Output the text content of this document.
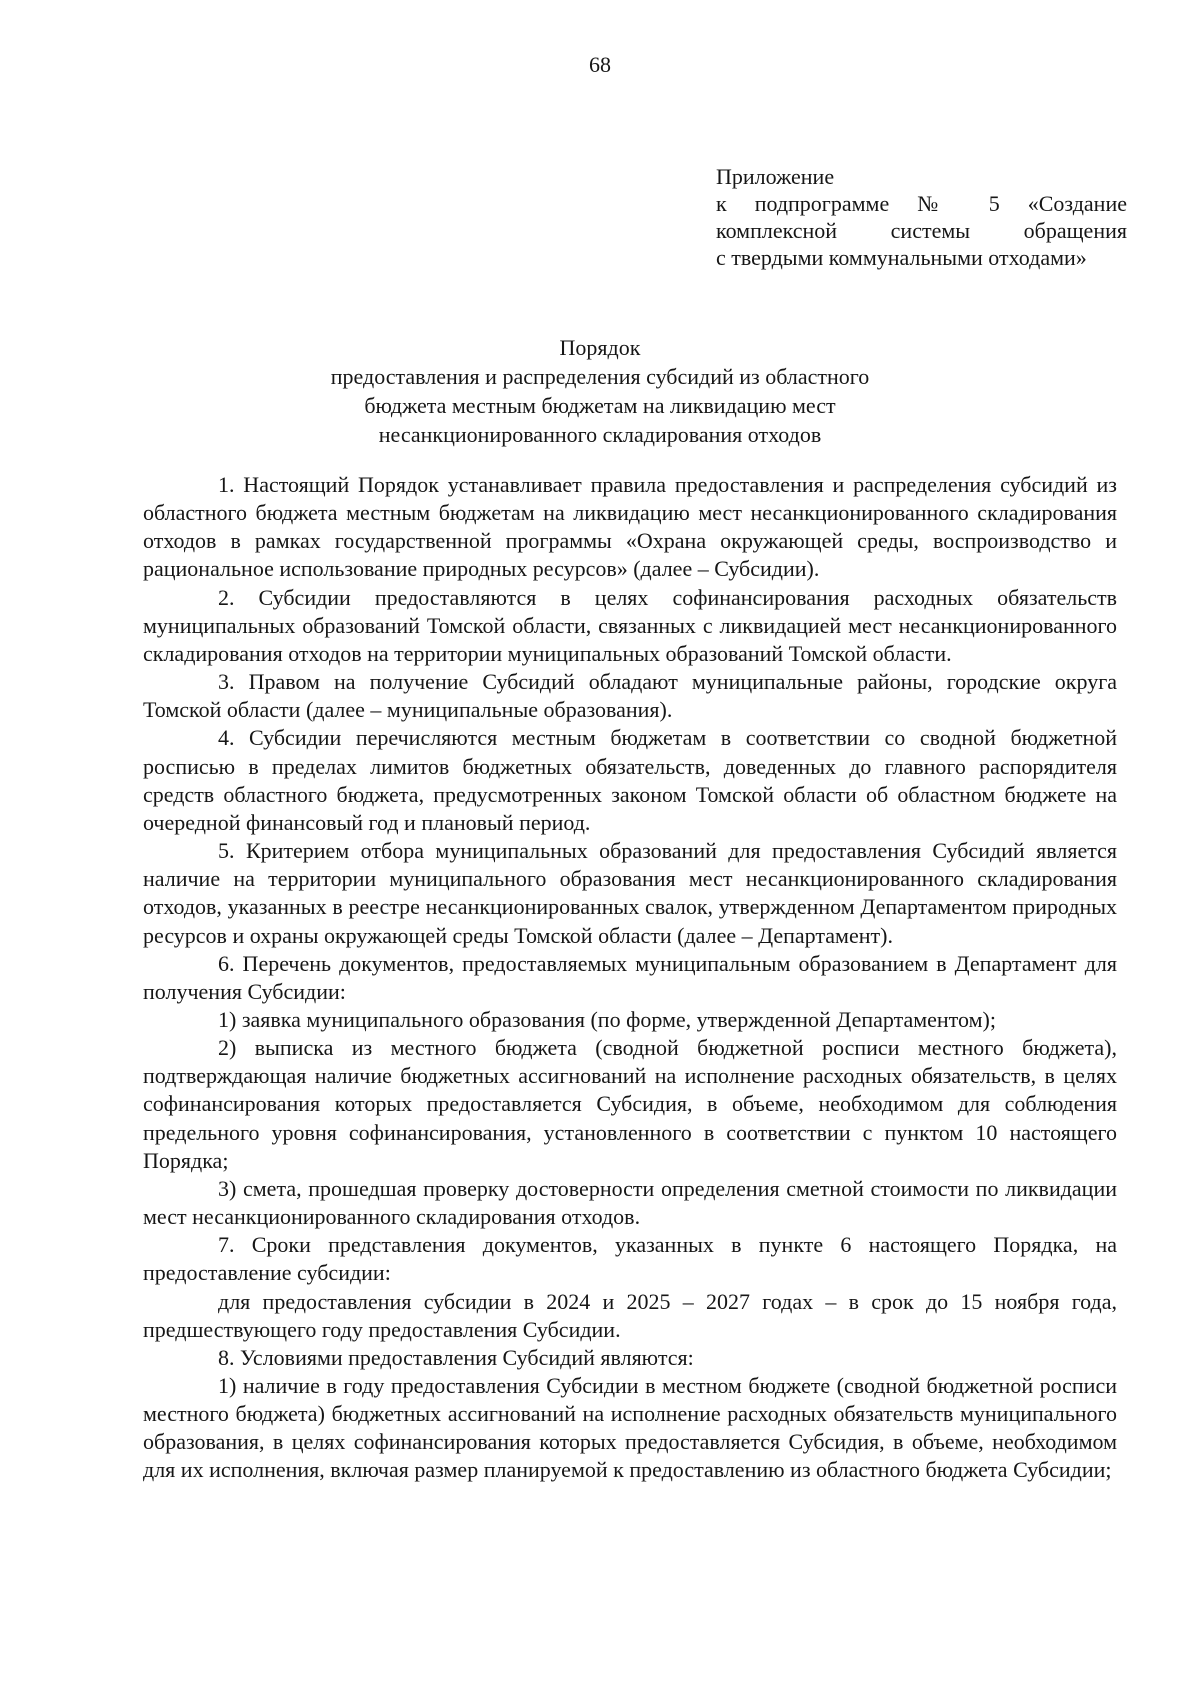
68
Приложение
к подпрограмме № 5 «Создание
комплексной системы обращения
с твердыми коммунальными отходами»
Порядок
предоставления и распределения субсидий из областного
бюджета местным бюджетам на ликвидацию мест
несанкционированного складирования отходов

1. Настоящий Порядок устанавливает правила предоставления и распределения субсидий из областного бюджета местным бюджетам на ликвидацию мест несанкционированного складирования отходов в рамках государственной программы «Охрана окружающей среды, воспроизводство и рациональное использование природных ресурсов» (далее – Субсидии).

2. Субсидии предоставляются в целях софинансирования расходных обязательств муниципальных образований Томской области, связанных с ликвидацией мест несанкционированного складирования отходов на территории муниципальных образований Томской области.

3. Правом на получение Субсидий обладают муниципальные районы, городские округа Томской области (далее – муниципальные образования).

4. Субсидии перечисляются местным бюджетам в соответствии со сводной бюджетной росписью в пределах лимитов бюджетных обязательств, доведенных до главного распорядителя средств областного бюджета, предусмотренных законом Томской области об областном бюджете на очередной финансовый год и плановый период.

5. Критерием отбора муниципальных образований для предоставления Субсидий является наличие на территории муниципального образования мест несанкционированного складирования отходов, указанных в реестре несанкционированных свалок, утвержденном Департаментом природных ресурсов и охраны окружающей среды Томской области (далее – Департамент).

6. Перечень документов, предоставляемых муниципальным образованием в Департамент для получения Субсидии:

1) заявка муниципального образования (по форме, утвержденной Департаментом);

2) выписка из местного бюджета (сводной бюджетной росписи местного бюджета), подтверждающая наличие бюджетных ассигнований на исполнение расходных обязательств, в целях софинансирования которых предоставляется Субсидия, в объеме, необходимом для соблюдения предельного уровня софинансирования, установленного в соответствии с пунктом 10 настоящего Порядка;

3) смета, прошедшая проверку достоверности определения сметной стоимости по ликвидации мест несанкционированного складирования отходов.

7. Сроки представления документов, указанных в пункте 6 настоящего Порядка, на предоставление субсидии:

для предоставления субсидии в 2024 и 2025 – 2027 годах – в срок до 15 ноября года, предшествующего году предоставления Субсидии.

8. Условиями предоставления Субсидий являются:

1) наличие в году предоставления Субсидии в местном бюджете (сводной бюджетной росписи местного бюджета) бюджетных ассигнований на исполнение расходных обязательств муниципального образования, в целях софинансирования которых предоставляется Субсидия, в объеме, необходимом для их исполнения, включая размер планируемой к предоставлению из областного бюджета Субсидии;
